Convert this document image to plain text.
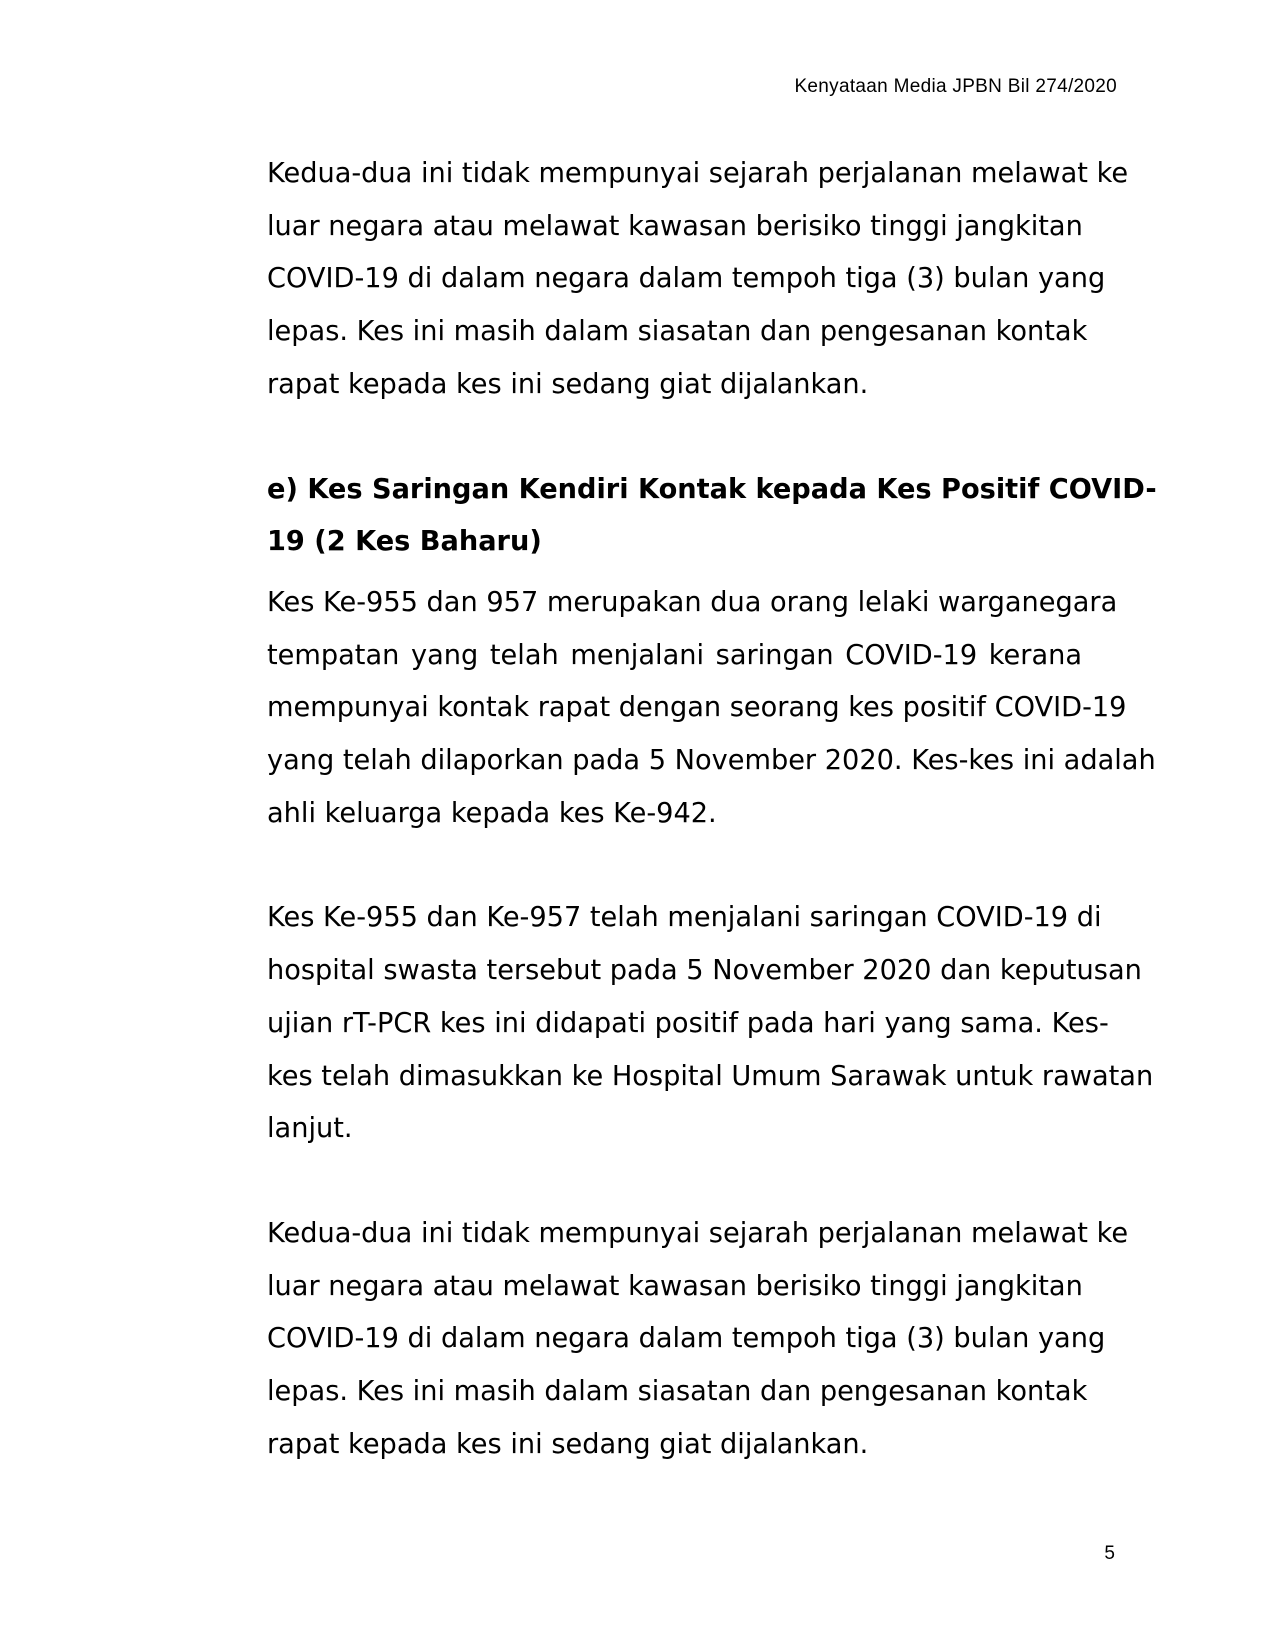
Kenyataan Media JPBN Bil 274/2020
Kedua-dua ini tidak mempunyai sejarah perjalanan melawat ke
luar negara atau melawat kawasan berisiko tinggi jangkitan
COVID-19 di dalam negara dalam tempoh tiga (3) bulan yang
lepas. Kes ini masih dalam siasatan dan pengesanan kontak
rapat kepada kes ini sedang giat dijalankan.
e) Kes Saringan Kendiri Kontak kepada Kes Positif COVID-
19 (2 Kes Baharu)
Kes Ke-955 dan 957 merupakan dua orang lelaki warganegara
tempatan yang telah menjalani saringan COVID-19 kerana
mempunyai kontak rapat dengan seorang kes positif COVID-19
yang telah dilaporkan pada 5 November 2020. Kes-kes ini adalah
ahli keluarga kepada kes Ke-942.
Kes Ke-955 dan Ke-957 telah menjalani saringan COVID-19 di
hospital swasta tersebut pada 5 November 2020 dan keputusan
ujian rT-PCR kes ini didapati positif pada hari yang sama. Kes-
kes telah dimasukkan ke Hospital Umum Sarawak untuk rawatan
lanjut.
Kedua-dua ini tidak mempunyai sejarah perjalanan melawat ke
luar negara atau melawat kawasan berisiko tinggi jangkitan
COVID-19 di dalam negara dalam tempoh tiga (3) bulan yang
lepas. Kes ini masih dalam siasatan dan pengesanan kontak
rapat kepada kes ini sedang giat dijalankan.
5
